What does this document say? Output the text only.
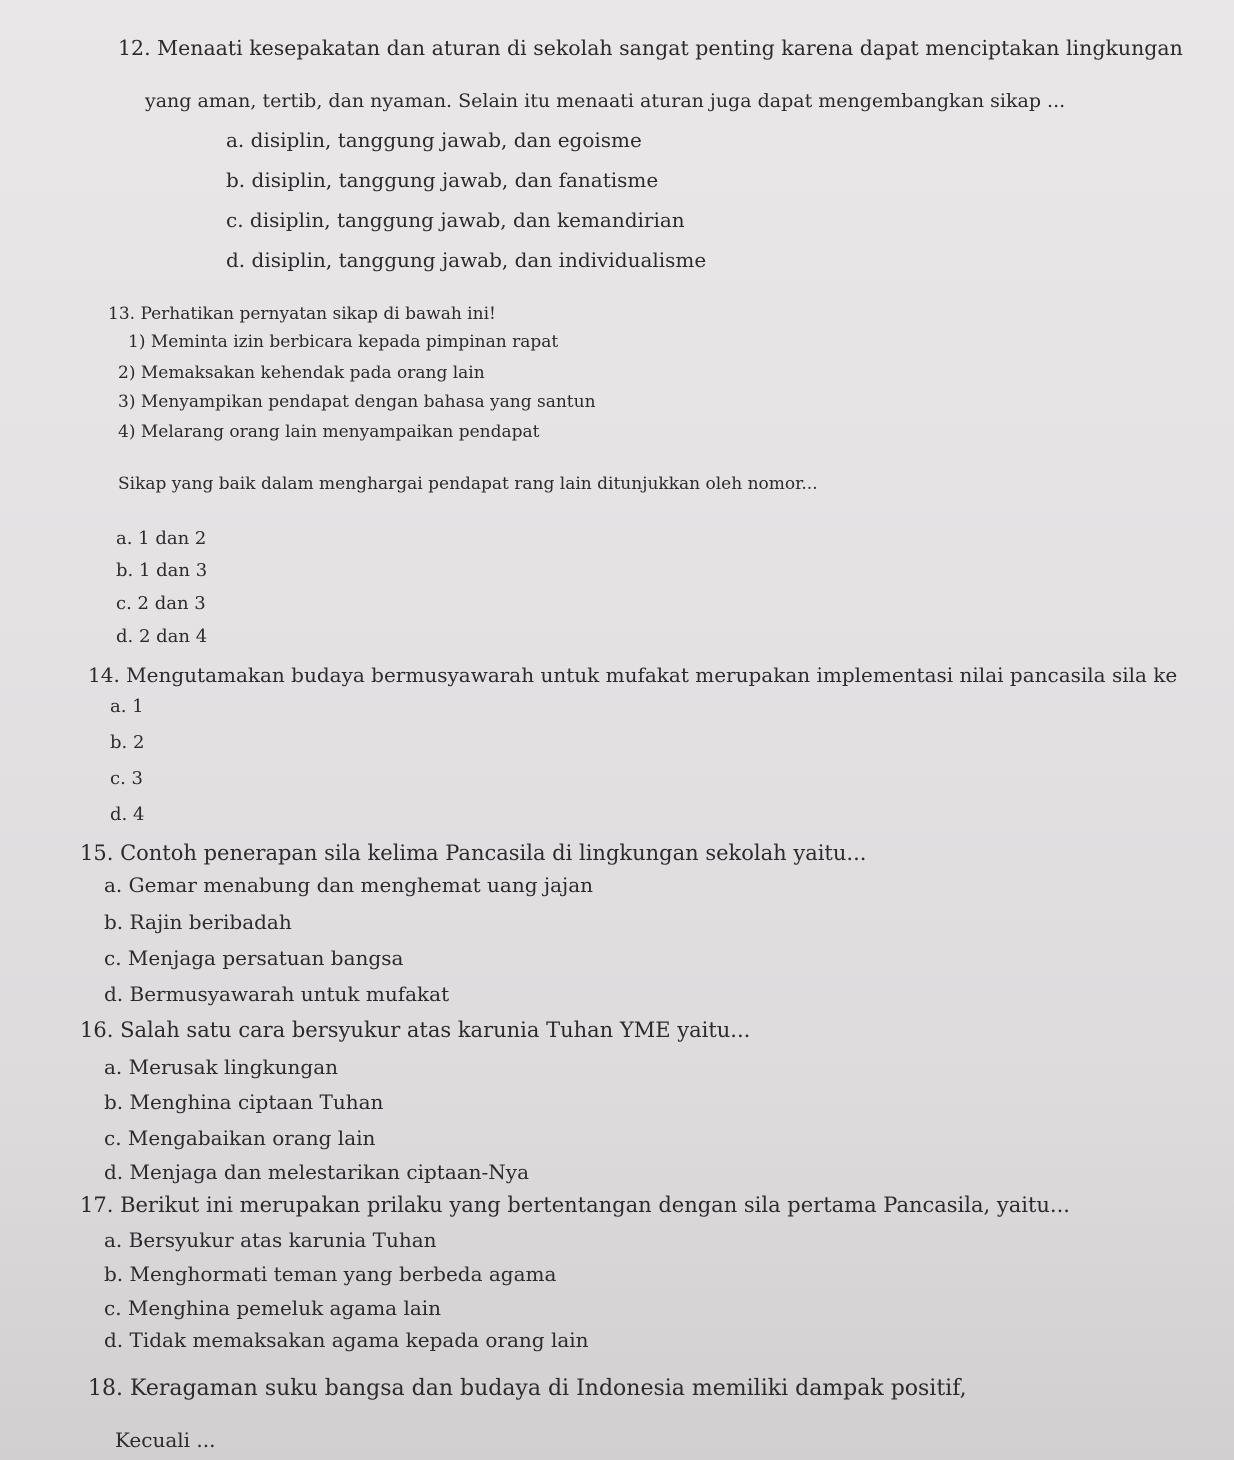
12. Menaati kesepakatan dan aturan di sekolah sangat penting karena dapat menciptakan lingkungan
yang aman, tertib, dan nyaman. Selain itu menaati aturan juga dapat mengembangkan sikap ...
a. disiplin, tanggung jawab, dan egoisme
b. disiplin, tanggung jawab, dan fanatisme
c. disiplin, tanggung jawab, dan kemandirian
d. disiplin, tanggung jawab, dan individualisme
13. Perhatikan pernyatan sikap di bawah ini!
1) Meminta izin berbicara kepada pimpinan rapat
2) Memaksakan kehendak pada orang lain
3) Menyampikan pendapat dengan bahasa yang santun
4) Melarang orang lain menyampaikan pendapat
Sikap yang baik dalam menghargai pendapat rang lain ditunjukkan oleh nomor...
a. 1 dan 2
b. 1 dan 3
c. 2 dan 3
d. 2 dan 4
14. Mengutamakan budaya bermusyawarah untuk mufakat merupakan implementasi nilai pancasila sila ke
a. 1
b. 2
c. 3
d. 4
15. Contoh penerapan sila kelima Pancasila di lingkungan sekolah yaitu...
a. Gemar menabung dan menghemat uang jajan
b. Rajin beribadah
c. Menjaga persatuan bangsa
d. Bermusyawarah untuk mufakat
16. Salah satu cara bersyukur atas karunia Tuhan YME yaitu...
a. Merusak lingkungan
b. Menghina ciptaan Tuhan
c. Mengabaikan orang lain
d. Menjaga dan melestarikan ciptaan-Nya
17. Berikut ini merupakan prilaku yang bertentangan dengan sila pertama Pancasila, yaitu...
a. Bersyukur atas karunia Tuhan
b. Menghormati teman yang berbeda agama
c. Menghina pemeluk agama lain
d. Tidak memaksakan agama kepada orang lain
18. Keragaman suku bangsa dan budaya di Indonesia memiliki dampak positif,
Kecuali ...
